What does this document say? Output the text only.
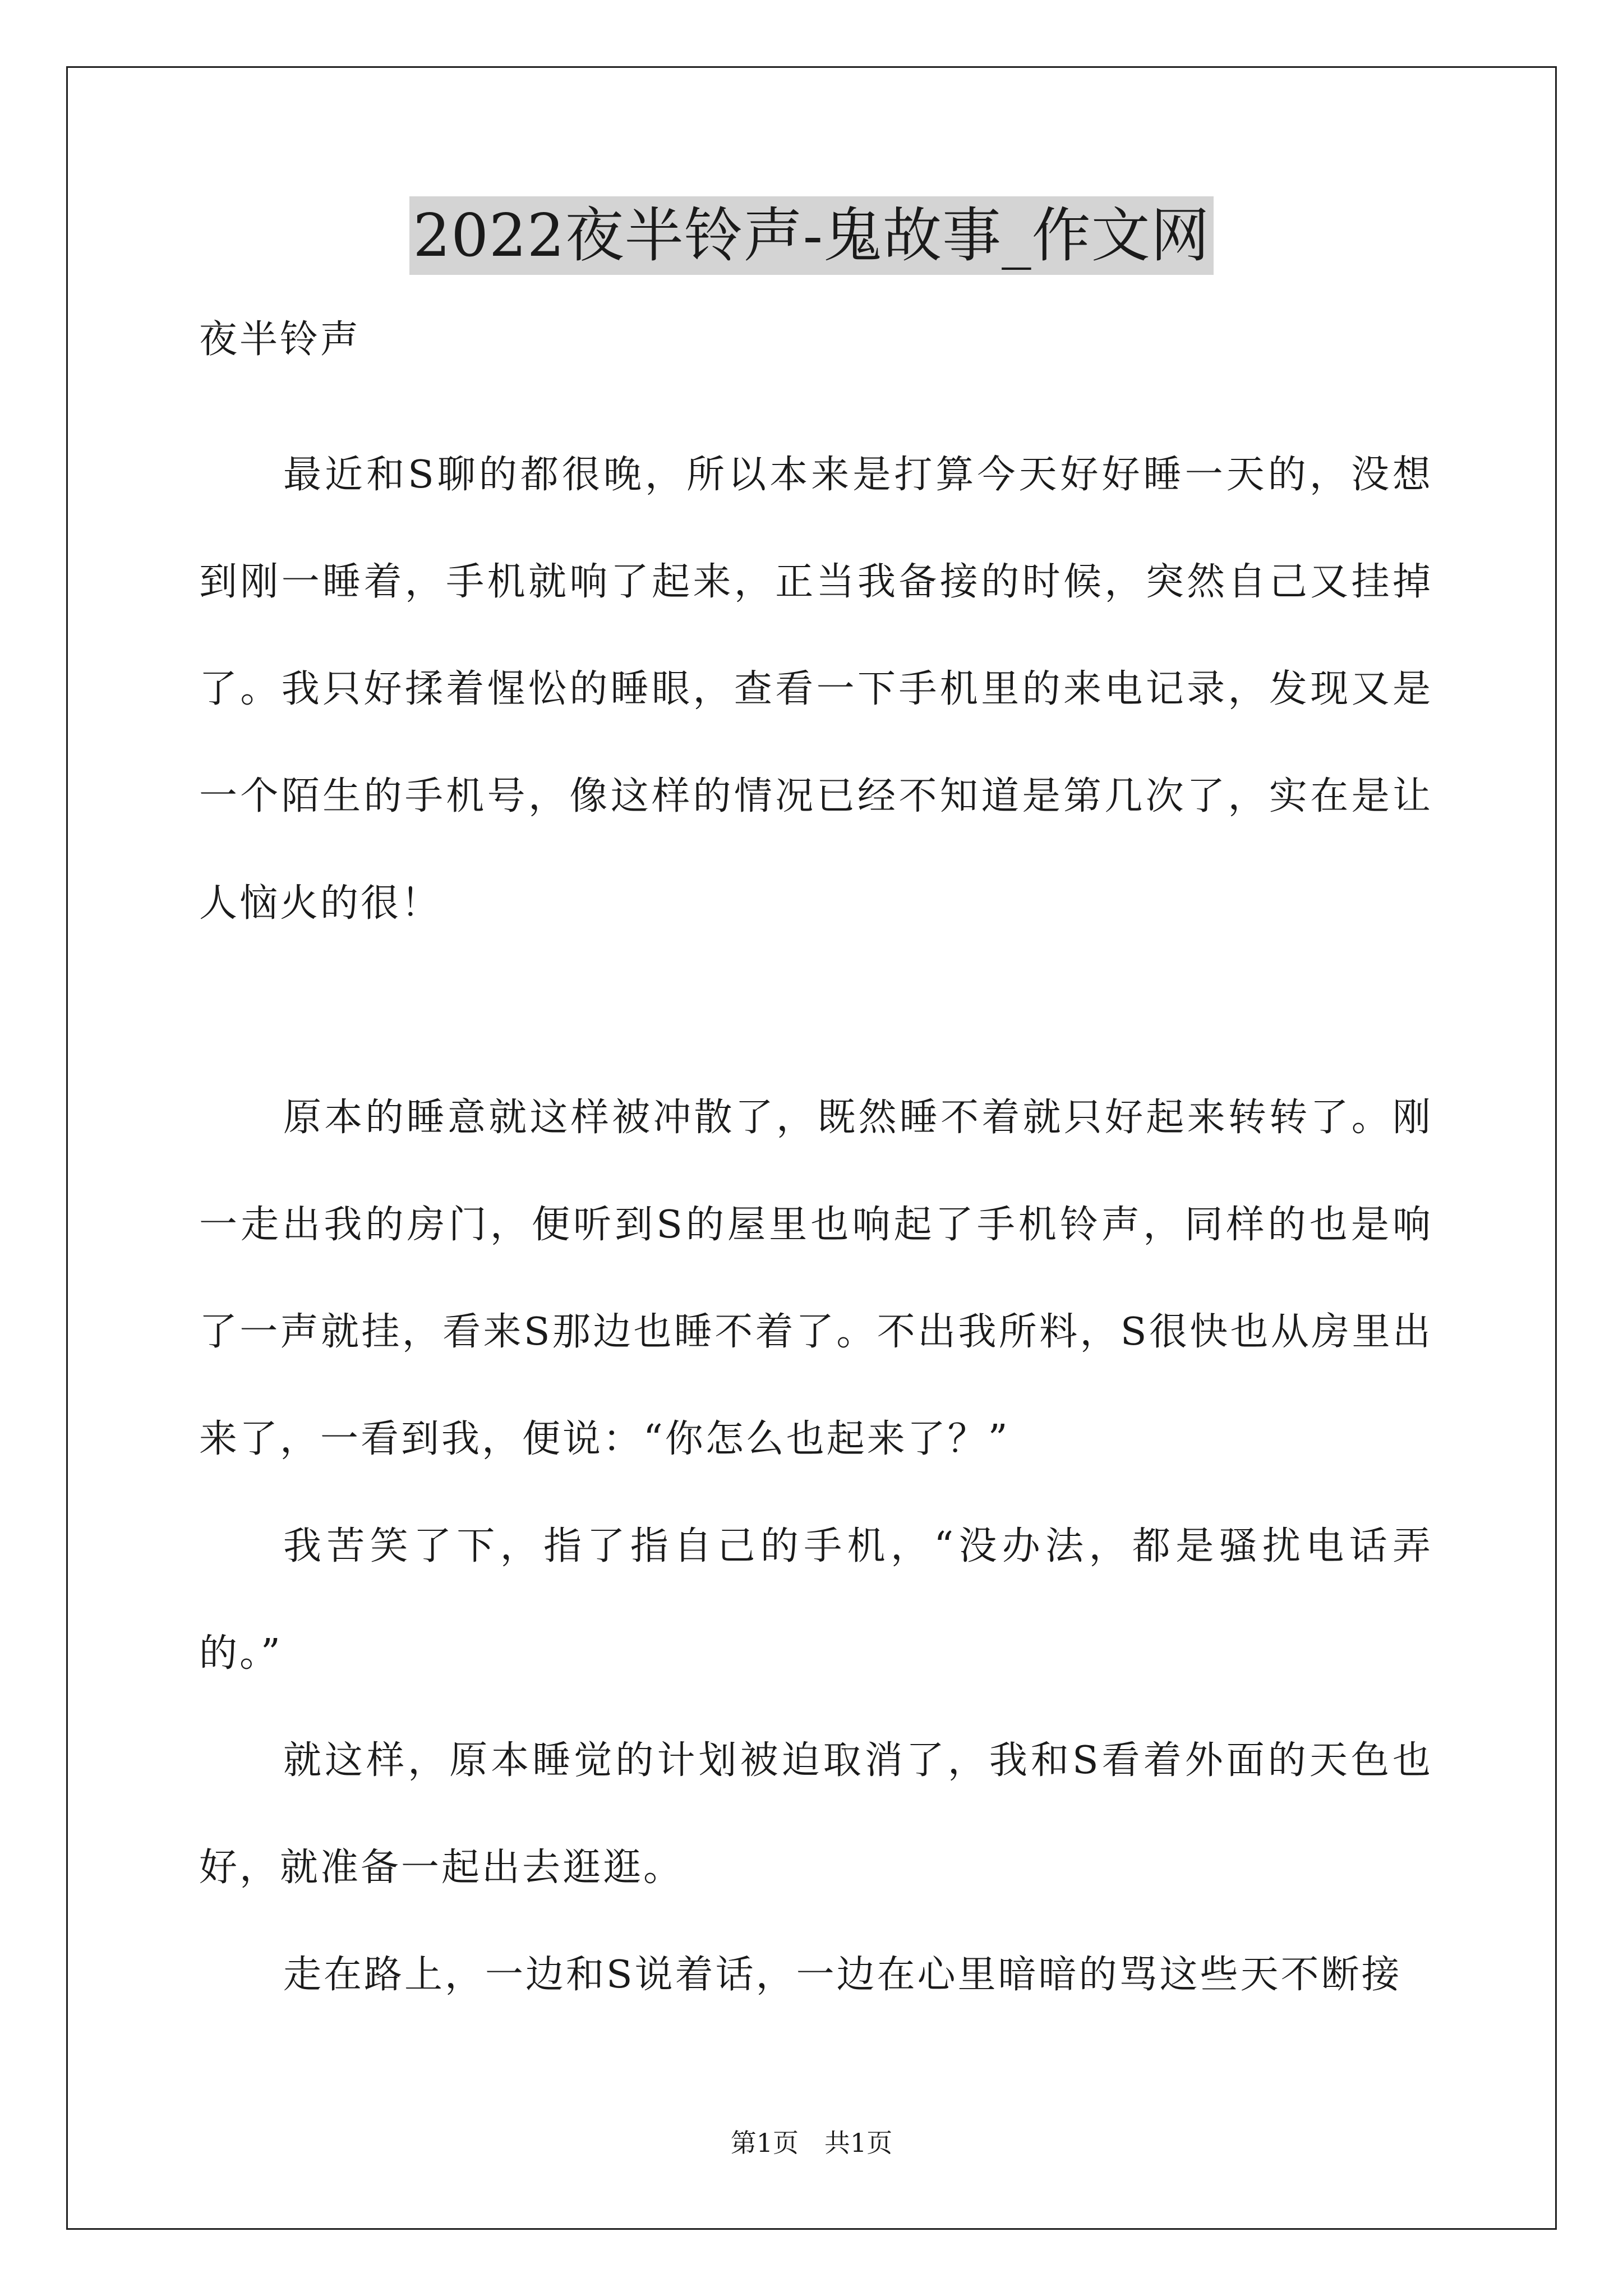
2022夜半铃声-鬼故事_作文网

夜半铃声

最近和S聊的都很晚，所以本来是打算今天好好睡一天的，没想到刚一睡着，手机就响了起来，正当我备接的时候，突然自己又挂掉了。我只好揉着惺忪的睡眼，查看一下手机里的来电记录，发现又是一个陌生的手机号，像这样的情况已经不知道是第几次了，实在是让人恼火的很！

原本的睡意就这样被冲散了，既然睡不着就只好起来转转了。刚一走出我的房门，便听到S的屋里也响起了手机铃声，同样的也是响了一声就挂，看来S那边也睡不着了。不出我所料，S很快也从房里出来了，一看到我，便说：“你怎么也起来了？”

我苦笑了下，指了指自己的手机，“没办法，都是骚扰电话弄的。”

就这样，原本睡觉的计划被迫取消了，我和S看着外面的天色也好，就准备一起出去逛逛。

走在路上，一边和S说着话，一边在心里暗暗的骂这些天不断接

第1页　共1页
